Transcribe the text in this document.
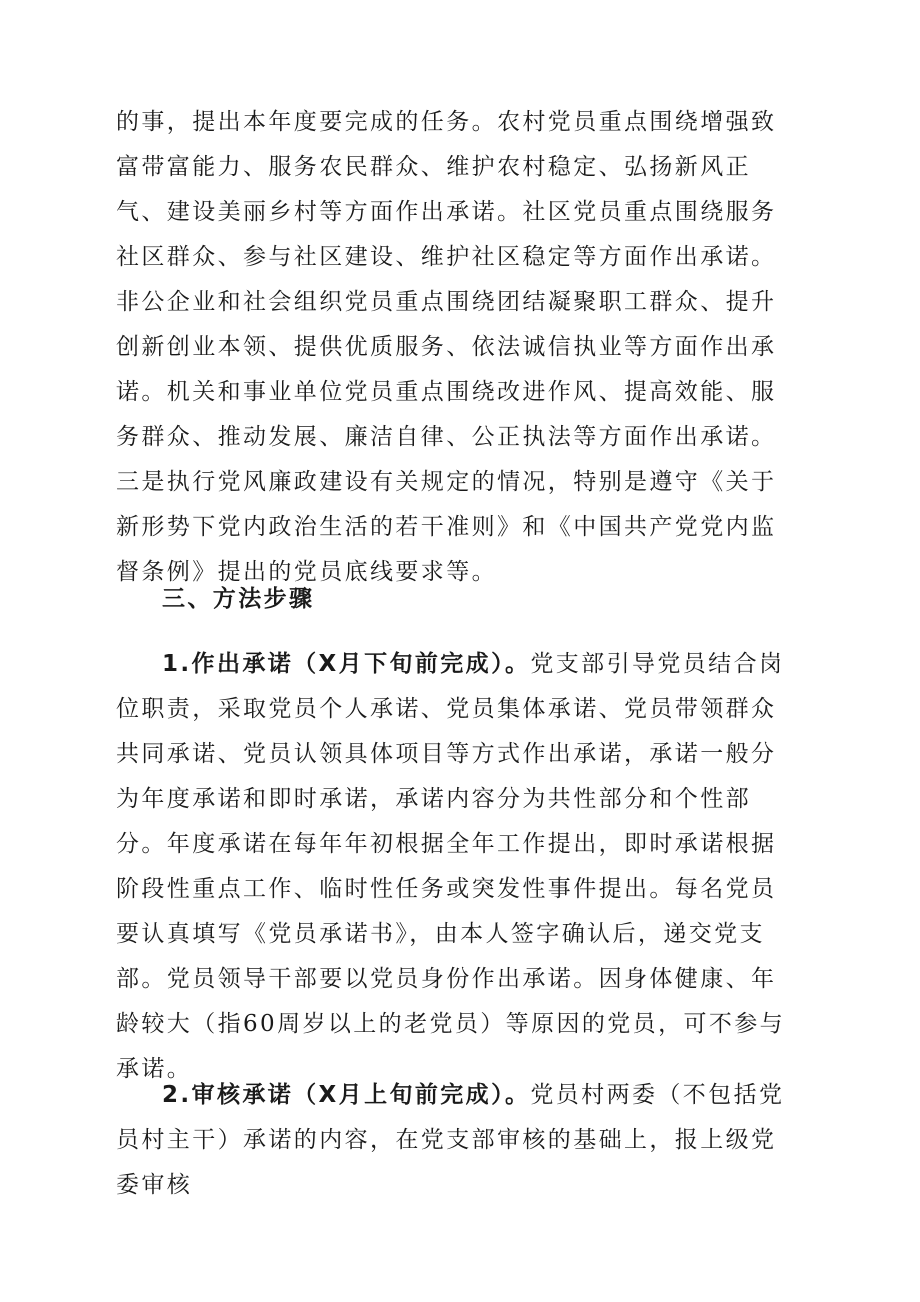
的事，提出本年度要完成的任务。农村党员重点围绕增强致富带富能力、服务农民群众、维护农村稳定、弘扬新风正气、建设美丽乡村等方面作出承诺。社区党员重点围绕服务社区群众、参与社区建设、维护社区稳定等方面作出承诺。非公企业和社会组织党员重点围绕团结凝聚职工群众、提升创新创业本领、提供优质服务、依法诚信执业等方面作出承诺。机关和事业单位党员重点围绕改进作风、提高效能、服务群众、推动发展、廉洁自律、公正执法等方面作出承诺。三是执行党风廉政建设有关规定的情况，特别是遵守《关于新形势下党内政治生活的若干准则》和《中国共产党党内监督条例》提出的党员底线要求等。

三、方法步骤

1.作出承诺（X月下旬前完成）。党支部引导党员结合岗位职责，采取党员个人承诺、党员集体承诺、党员带领群众共同承诺、党员认领具体项目等方式作出承诺，承诺一般分为年度承诺和即时承诺，承诺内容分为共性部分和个性部分。年度承诺在每年年初根据全年工作提出，即时承诺根据阶段性重点工作、临时性任务或突发性事件提出。每名党员要认真填写《党员承诺书》，由本人签字确认后，递交党支部。党员领导干部要以党员身份作出承诺。因身体健康、年龄较大（指60周岁以上的老党员）等原因的党员，可不参与承诺。

2.审核承诺（X月上旬前完成）。党员村两委（不包括党员村主干）承诺的内容，在党支部审核的基础上，报上级党委审核
